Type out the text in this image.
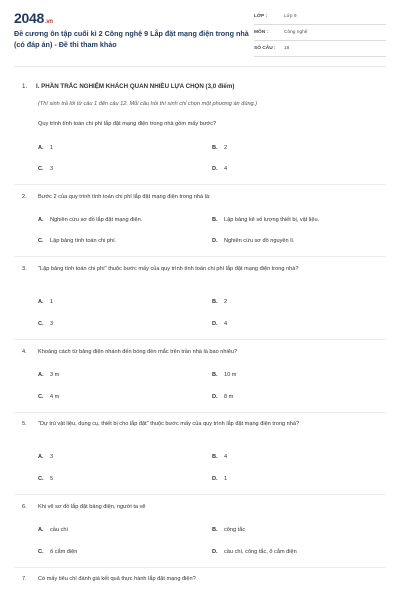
2048.vn
Đề cương ôn tập cuối kì 2 Công nghệ 9 Lắp đặt mạng điện trong nhà (có đáp án) - Đề thi tham khảo
LỚP :	Lớp 9
MÔN :	Công nghệ
SỐ CÂU : 18
1. I. PHẦN TRẮC NGHIỆM KHÁCH QUAN NHIỀU LỰA CHỌN (3,0 điểm)
(Thí sinh trả lời từ câu 1 đến câu 12. Mỗi câu hỏi thí sinh chỉ chọn một phương án đúng.)
Quy trình tính toán chi phí lắp đặt mạng điện trong nhà gồm mấy bước?
A. 1	B. 2
C. 3	D. 4
2. Bước 2 của quy trình tính toán chi phí lắp đặt mạng điện trong nhà là:
A. Nghiên cứu sơ đồ lắp đặt mạng điện.	B. Lập bảng kê số lượng thiết bị, vật liệu.
C. Lập bảng tính toán chi phí.	D. Nghiên cứu sơ đồ nguyên lí.
3. "Lập bảng tính toán chi phí" thuộc bước mấy của quy trình tính toán chi phí lắp đặt mạng điện trong nhà?
A. 1	B. 2
C. 3	D. 4
4. Khoảng cách từ bảng điện nhánh đến bóng đèn mắc trên trần nhà là bao nhiêu?
A. 3 m	B. 10 m
C. 4 m	D. 8 m
5. "Dự trù vật liệu, dụng cụ, thiết bị cho lắp đặt" thuộc bước mấy của quy trình lắp đặt mạng điện trong nhà?
A. 3	B. 4
C. 5	D. 1
6. Khi vẽ sơ đồ lắp đặt bảng điện, người ta vẽ
A. cầu chì	B. công tắc
C. ổ cắm điện	D. cầu chì, công tắc, ổ cắm điện
7. Có mấy tiêu chí đánh giá kết quả thực hành lắp đặt mạng điện?
